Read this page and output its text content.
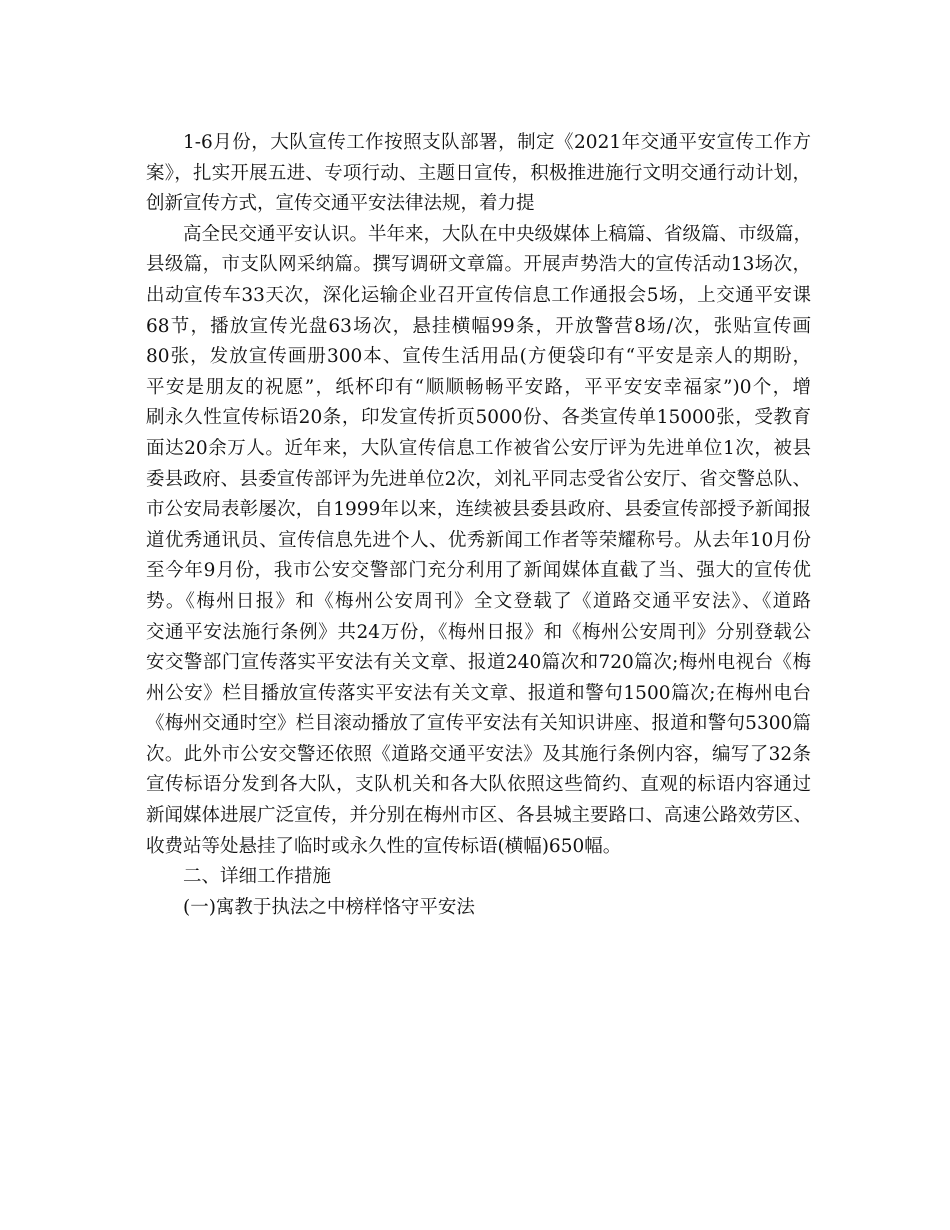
1-6月份，大队宣传工作按照支队部署，制定《2021年交通平安宣传工作方
案》，扎实开展五进、专项行动、主题日宣传，积极推进施行文明交通行动计划，
创新宣传方式，宣传交通平安法律法规，着力提
高全民交通平安认识。半年来，大队在中央级媒体上稿篇、省级篇、市级篇，
县级篇，市支队网采纳篇。撰写调研文章篇。开展声势浩大的宣传活动13场次，
出动宣传车33天次，深化运输企业召开宣传信息工作通报会5场，上交通平安课
68节，播放宣传光盘63场次，悬挂横幅99条，开放警营8场/次，张贴宣传画
80张，发放宣传画册300本、宣传生活用品(方便袋印有“平安是亲人的期盼，
平安是朋友的祝愿”，纸杯印有“顺顺畅畅平安路，平平安安幸福家”)0个，增
刷永久性宣传标语20条，印发宣传折页5000份、各类宣传单15000张，受教育
面达20余万人。近年来，大队宣传信息工作被省公安厅评为先进单位1次，被县
委县政府、县委宣传部评为先进单位2次，刘礼平同志受省公安厅、省交警总队、
市公安局表彰屡次，自1999年以来，连续被县委县政府、县委宣传部授予新闻报
道优秀通讯员、宣传信息先进个人、优秀新闻工作者等荣耀称号。从去年10月份
至今年9月份，我市公安交警部门充分利用了新闻媒体直截了当、强大的宣传优
势。《梅州日报》和《梅州公安周刊》全文登载了《道路交通平安法》、《道路
交通平安法施行条例》共24万份，《梅州日报》和《梅州公安周刊》分别登载公
安交警部门宣传落实平安法有关文章、报道240篇次和720篇次;梅州电视台《梅
州公安》栏目播放宣传落实平安法有关文章、报道和警句1500篇次;在梅州电台
《梅州交通时空》栏目滚动播放了宣传平安法有关知识讲座、报道和警句5300篇
次。此外市公安交警还依照《道路交通平安法》及其施行条例内容，编写了32条
宣传标语分发到各大队，支队机关和各大队依照这些简约、直观的标语内容通过
新闻媒体进展广泛宣传，并分别在梅州市区、各县城主要路口、高速公路效劳区、
收费站等处悬挂了临时或永久性的宣传标语(横幅)650幅。
二、详细工作措施
(一)寓教于执法之中榜样恪守平安法
